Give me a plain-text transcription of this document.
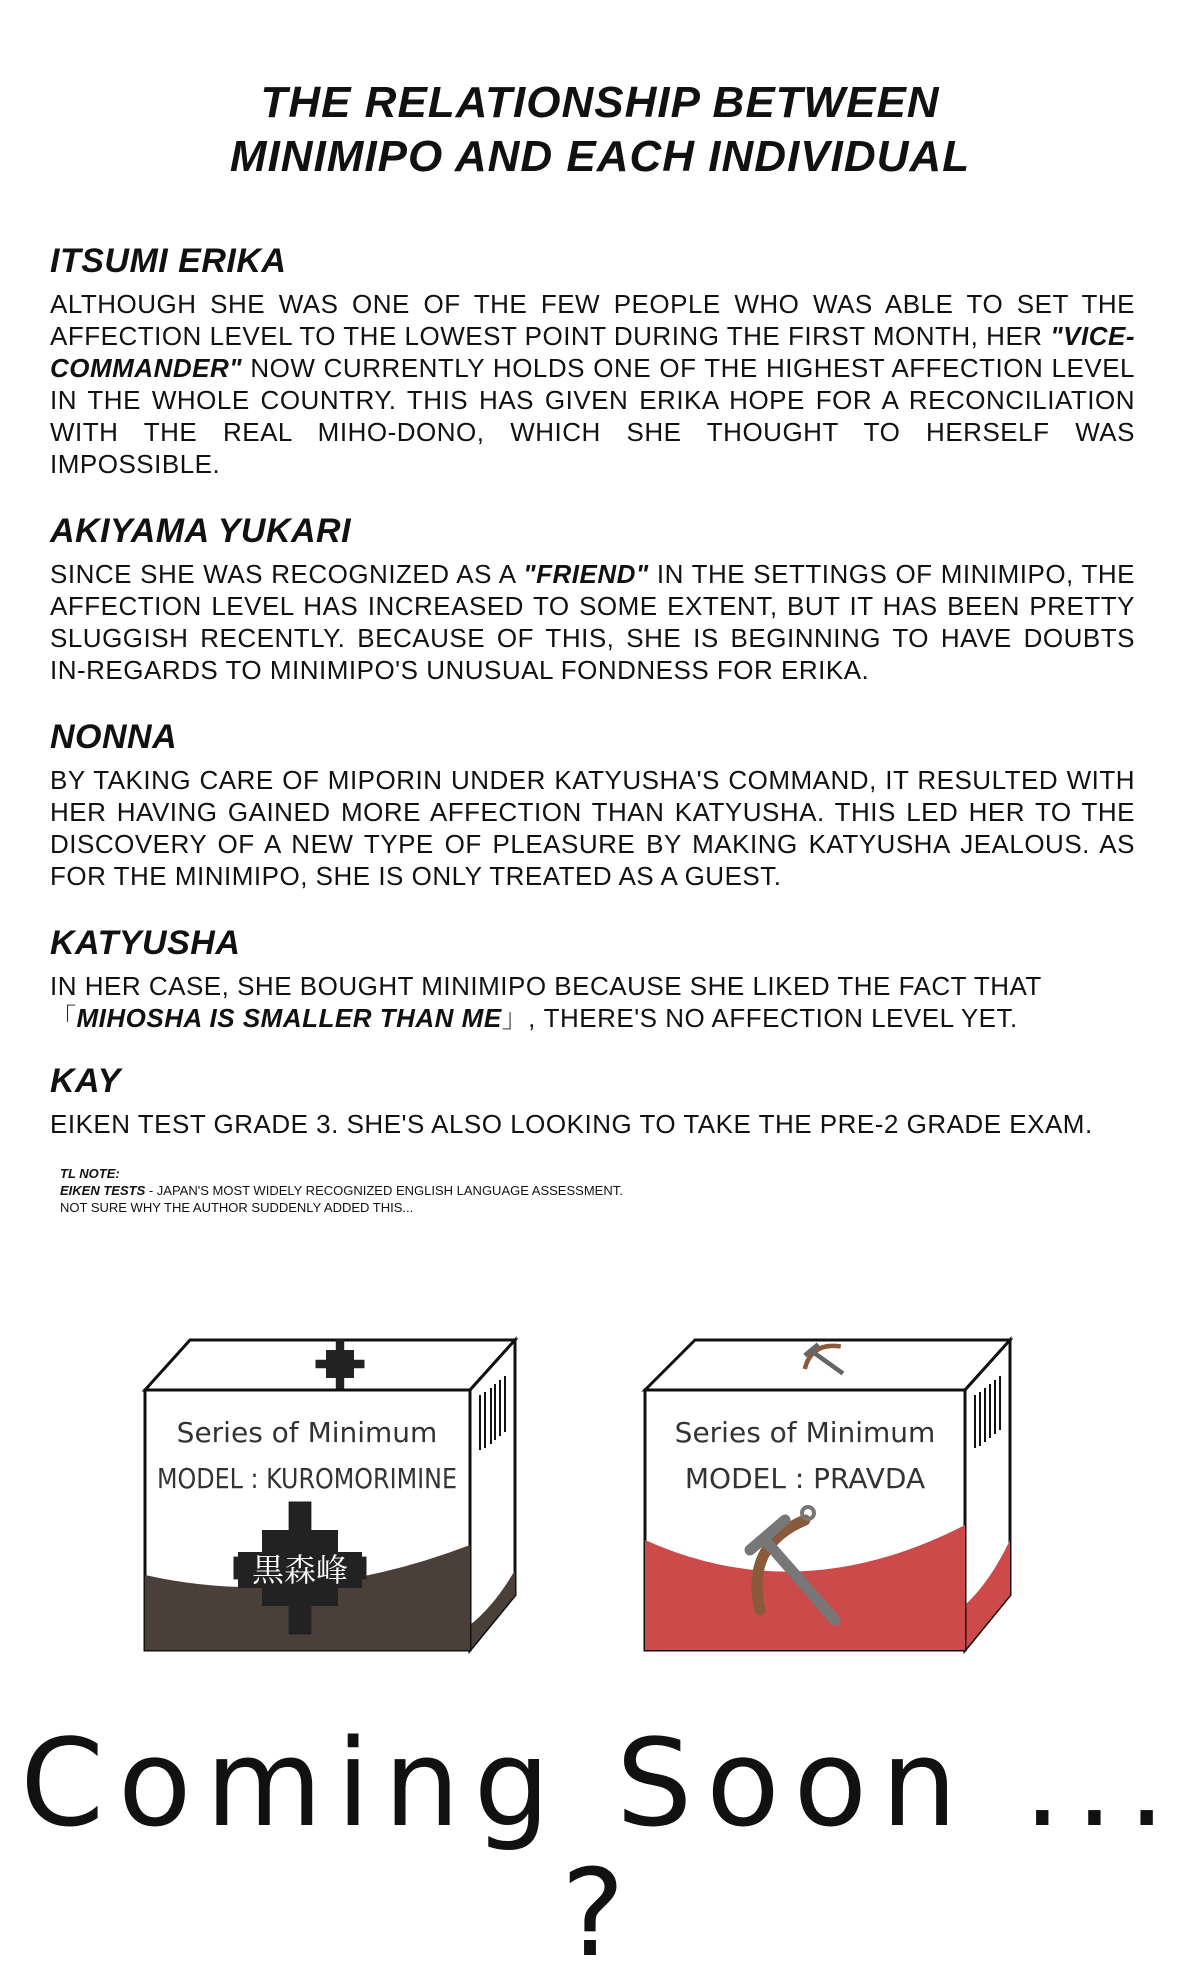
THE RELATIONSHIP BETWEEN
MINIMIPO AND EACH INDIVIDUAL
ITSUMI ERIKA

ALTHOUGH SHE WAS ONE OF THE FEW PEOPLE WHO WAS ABLE TO SET THE AFFECTION LEVEL TO THE LOWEST POINT DURING THE FIRST MONTH, HER "VICE-COMMANDER" NOW CURRENTLY HOLDS ONE OF THE HIGHEST AFFECTION LEVEL IN THE WHOLE COUNTRY. THIS HAS GIVEN ERIKA HOPE FOR A RECONCILIATION WITH THE REAL MIHO-DONO, WHICH SHE THOUGHT TO HERSELF WAS IMPOSSIBLE.

AKIYAMA YUKARI

SINCE SHE WAS RECOGNIZED AS A "FRIEND" IN THE SETTINGS OF MINIMIPO, THE AFFECTION LEVEL HAS INCREASED TO SOME EXTENT, BUT IT HAS BEEN PRETTY SLUGGISH RECENTLY. BECAUSE OF THIS, SHE IS BEGINNING TO HAVE DOUBTS IN-REGARDS TO MINIMIPO'S UNUSUAL FONDNESS FOR ERIKA.

NONNA

BY TAKING CARE OF MIPORIN UNDER KATYUSHA'S COMMAND, IT RESULTED WITH HER HAVING GAINED MORE AFFECTION THAN KATYUSHA. THIS LED HER TO THE DISCOVERY OF A NEW TYPE OF PLEASURE BY MAKING KATYUSHA JEALOUS. AS FOR THE MINIMIPO, SHE IS ONLY TREATED AS A GUEST.

KATYUSHA

IN HER CASE, SHE BOUGHT MINIMIPO BECAUSE SHE LIKED THE FACT THAT 「MIHOSHA IS SMALLER THAN ME」, THERE'S NO AFFECTION LEVEL YET.

KAY

EIKEN TEST GRADE 3. SHE'S ALSO LOOKING TO TAKE THE PRE-2 GRADE EXAM.

TL NOTE:
EIKEN TESTS - JAPAN'S MOST WIDELY RECOGNIZED ENGLISH LANGUAGE ASSESSMENT.
NOT SURE WHY THE AUTHOR SUDDENLY ADDED THIS...
Series of Minimum
MODEL : KUROMORIMINE
黒森峰
Series of Minimum
MODEL : PRAVDA
Coming Soon ... ?
